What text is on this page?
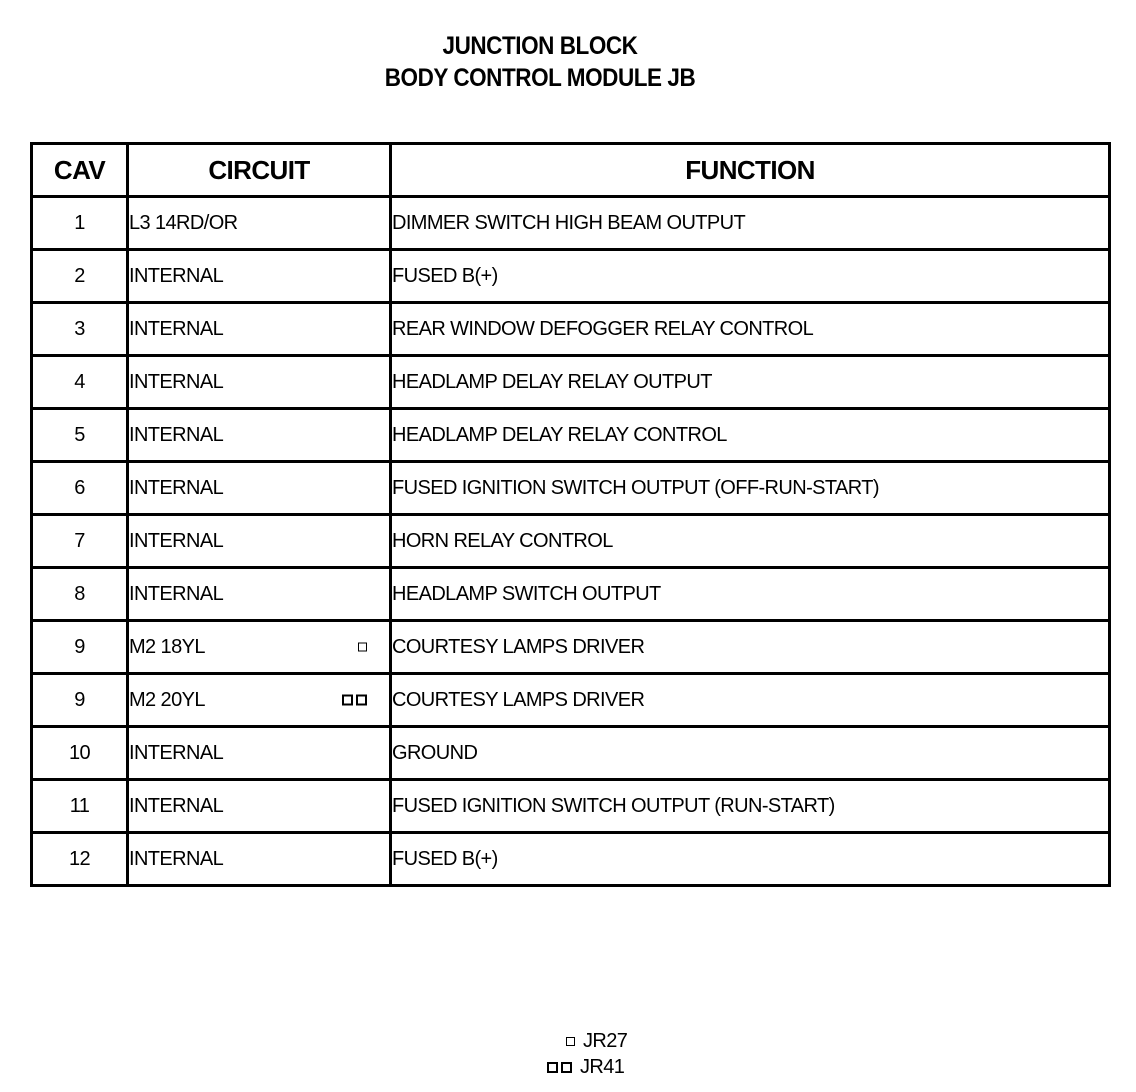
JUNCTION BLOCK
BODY CONTROL MODULE JB
CAV	CIRCUIT	FUNCTION
1	L3 14RD/OR	DIMMER SWITCH HIGH BEAM OUTPUT
2	INTERNAL	FUSED B(+)
3	INTERNAL	REAR WINDOW DEFOGGER RELAY CONTROL
4	INTERNAL	HEADLAMP DELAY RELAY OUTPUT
5	INTERNAL	HEADLAMP DELAY RELAY CONTROL
6	INTERNAL	FUSED IGNITION SWITCH OUTPUT (OFF-RUN-START)
7	INTERNAL	HORN RELAY CONTROL
8	INTERNAL	HEADLAMP SWITCH OUTPUT
9	M2 18YL	COURTESY LAMPS DRIVER
9	M2 20YL	COURTESY LAMPS DRIVER
10	INTERNAL	GROUND
11	INTERNAL	FUSED IGNITION SWITCH OUTPUT (RUN-START)
12	INTERNAL	FUSED B(+)
JR27
JR41
